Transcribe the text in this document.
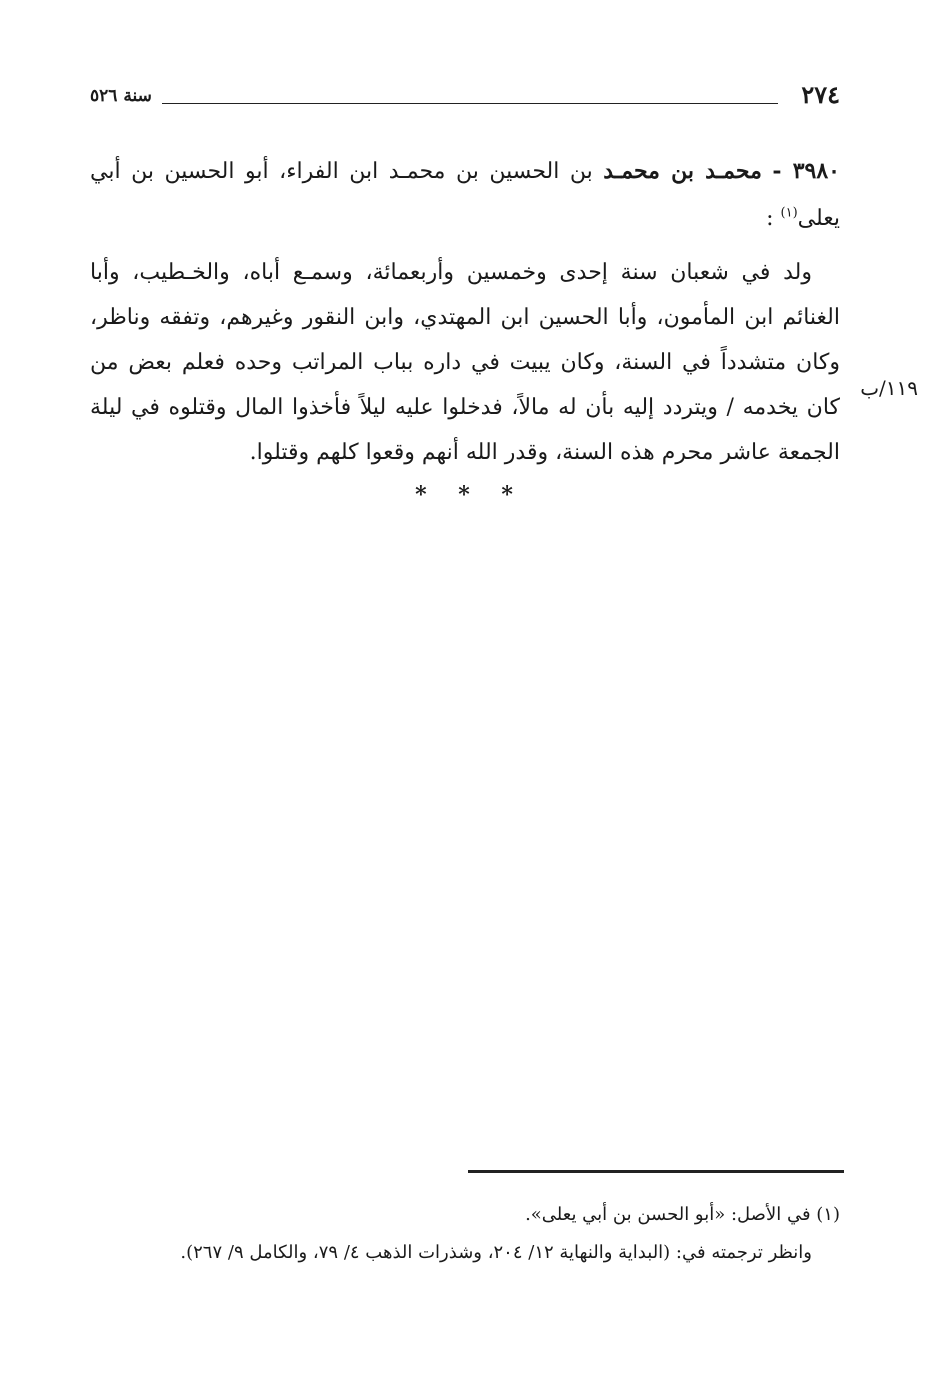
٢٧٤
سنة ٥٢٦
٣٩٨٠ - محمـد بن محمـد بن الحسين بن محمـد ابن الفراء، أبو الحسين بن أبي يعلى$^{(١)}$ :
ولد في شعبان سنة إحدى وخمسين وأربعمائة، وسمـع أباه، والخـطيب، وأبا الغنائم ابن المأمون، وأبا الحسين ابن المهتدي، وابن النقور وغيرهم، وتفقه وناظر، وكان متشدداً في السنة، وكان يبيت في داره بباب المراتب وحده فعلم بعض من كان يخدمه / ويتردد إليه بأن له مالاً، فدخلوا عليه ليلاً فأخذوا المال وقتلوه في ليلة الجمعة عاشر محرم هذه السنة، وقدر الله أنهم وقعوا كلهم وقتلوا.
١١٩/ب
* * *
(١) في الأصل: «أبو الحسن بن أبي يعلى».
وانظر ترجمته في: (البداية والنهاية ١٢/ ٢٠٤، وشذرات الذهب ٤/ ٧٩، والكامل ٩/ ٢٦٧).
